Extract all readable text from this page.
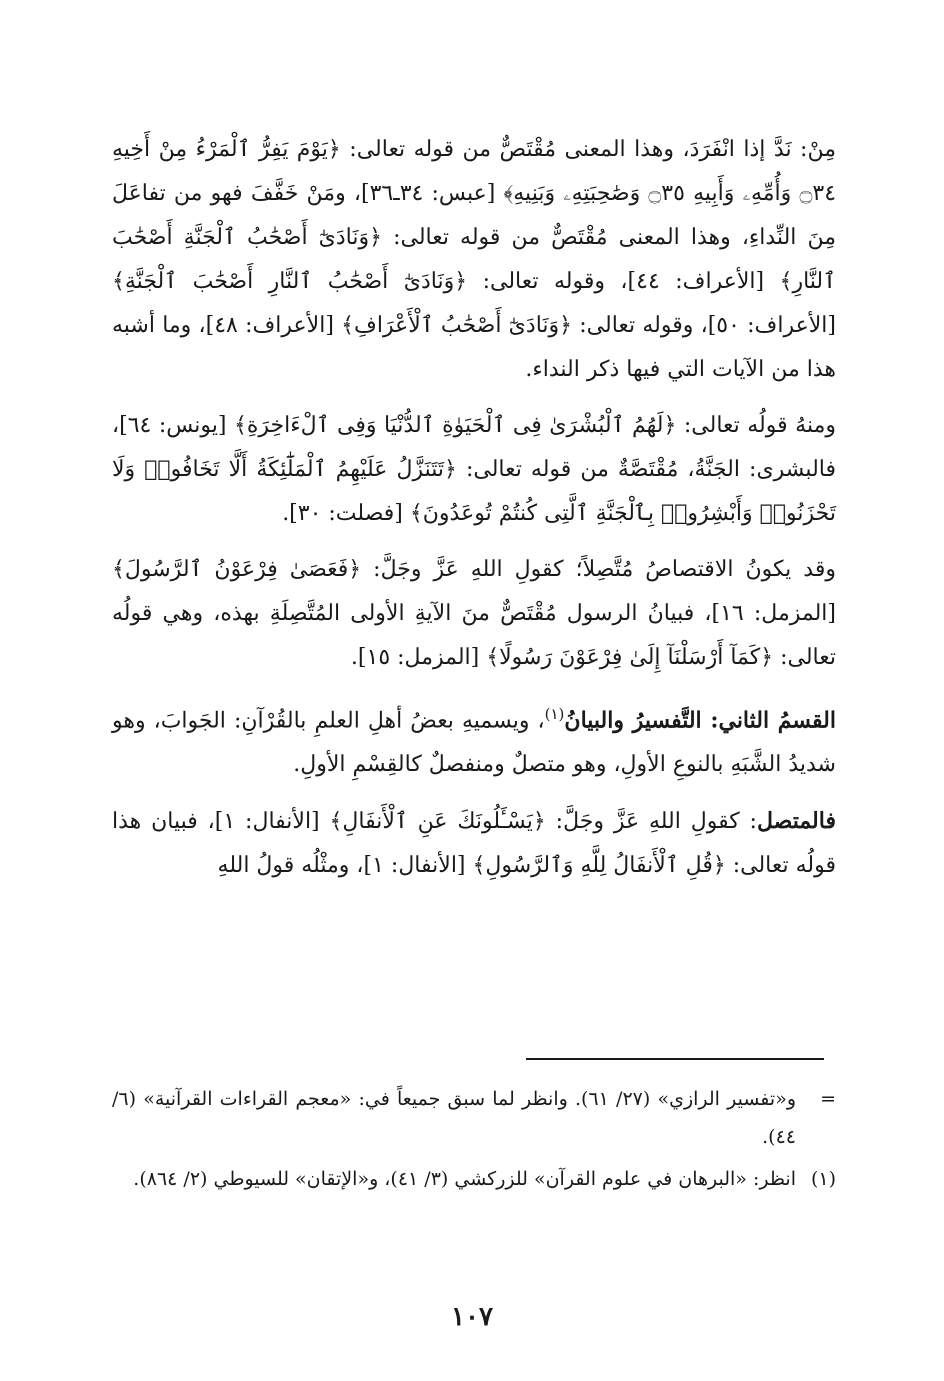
مِنْ: نَدَّ إذا انْفَرَدَ، وهذا المعنى مُقْتَصٌّ من قوله تعالى: ﴿يَوْمَ يَفِرُّ ٱلْمَرْءُ مِنْ أَخِيهِ ۝٣٤ وَأُمِّهِۦ وَأَبِيهِ ۝٣٥ وَصَٰحِبَتِهِۦ وَبَنِيهِ﴾ [عبس: ٣٤ـ٣٦]، ومَنْ خَفَّفَ فهو من تفاعَلَ مِنَ النِّداءِ، وهذا المعنى مُقْتَصٌّ من قوله تعالى: ﴿وَنَادَىٰٓ أَصْحَٰبُ ٱلْجَنَّةِ أَصْحَٰبَ ٱلنَّارِ﴾ [الأعراف: ٤٤]، وقوله تعالى: ﴿وَنَادَىٰٓ أَصْحَٰبُ ٱلنَّارِ أَصْحَٰبَ ٱلْجَنَّةِ﴾ [الأعراف: ٥٠]، وقوله تعالى: ﴿وَنَادَىٰٓ أَصْحَٰبُ ٱلْأَعْرَافِ﴾ [الأعراف: ٤٨]، وما أشبه هذا من الآيات التي فيها ذكر النداء.

ومنهُ قولُه تعالى: ﴿لَهُمُ ٱلْبُشْرَىٰ فِى ٱلْحَيَوٰةِ ٱلدُّنْيَا وَفِى ٱلْءَاخِرَةِ﴾ [يونس: ٦٤]، فالبشرى: الجَنَّةُ، مُقْتَصَّةٌ من قوله تعالى: ﴿تَتَنَزَّلُ عَلَيْهِمُ ٱلْمَلَٰٓئِكَةُ أَلَّا تَخَافُوا۟ وَلَا تَحْزَنُوا۟ وَأَبْشِرُوا۟ بِٱلْجَنَّةِ ٱلَّتِى كُنتُمْ تُوعَدُونَ﴾ [فصلت: ٣٠].

وقد يكونُ الاقتصاصُ مُتَّصِلاً؛ كقولِ اللهِ عَزَّ وجَلَّ: ﴿فَعَصَىٰ فِرْعَوْنُ ٱلرَّسُولَ﴾ [المزمل: ١٦]، فبيانُ الرسول مُقْتَصٌّ منَ الآيةِ الأولى المُتَّصِلَةِ بهذه، وهي قولُه تعالى: ﴿كَمَآ أَرْسَلْنَآ إِلَىٰ فِرْعَوْنَ رَسُولًا﴾ [المزمل: ١٥].

القسمُ الثاني: التَّفسيرُ والبيانُ$^{(١)}$، ويسميهِ بعضُ أهلِ العلمِ بالقُرْآنِ: الجَوابَ، وهو شديدُ الشَّبَهِ بالنوعِ الأولِ، وهو متصلٌ ومنفصلٌ كالقِسْمِ الأولِ.

فالمتصل: كقولِ اللهِ عَزَّ وجَلَّ: ﴿يَسْـَٔلُونَكَ عَنِ ٱلْأَنفَالِ﴾ [الأنفال: ١]، فبيان هذا قولُه تعالى: ﴿قُلِ ٱلْأَنفَالُ لِلَّهِ وَٱلرَّسُولِ﴾ [الأنفال: ١]، ومثْلُه قولُ اللهِ

=
و«تفسير الرازي» (٢٧/ ٦١). وانظر لما سبق جميعاً في: «معجم القراءات القرآنية» (٦/ ٤٤).
(١)
انظر: «البرهان في علوم القرآن» للزركشي (٣/ ٤١)، و«الإتقان» للسيوطي (٢/ ٨٦٤).
١٠٧
